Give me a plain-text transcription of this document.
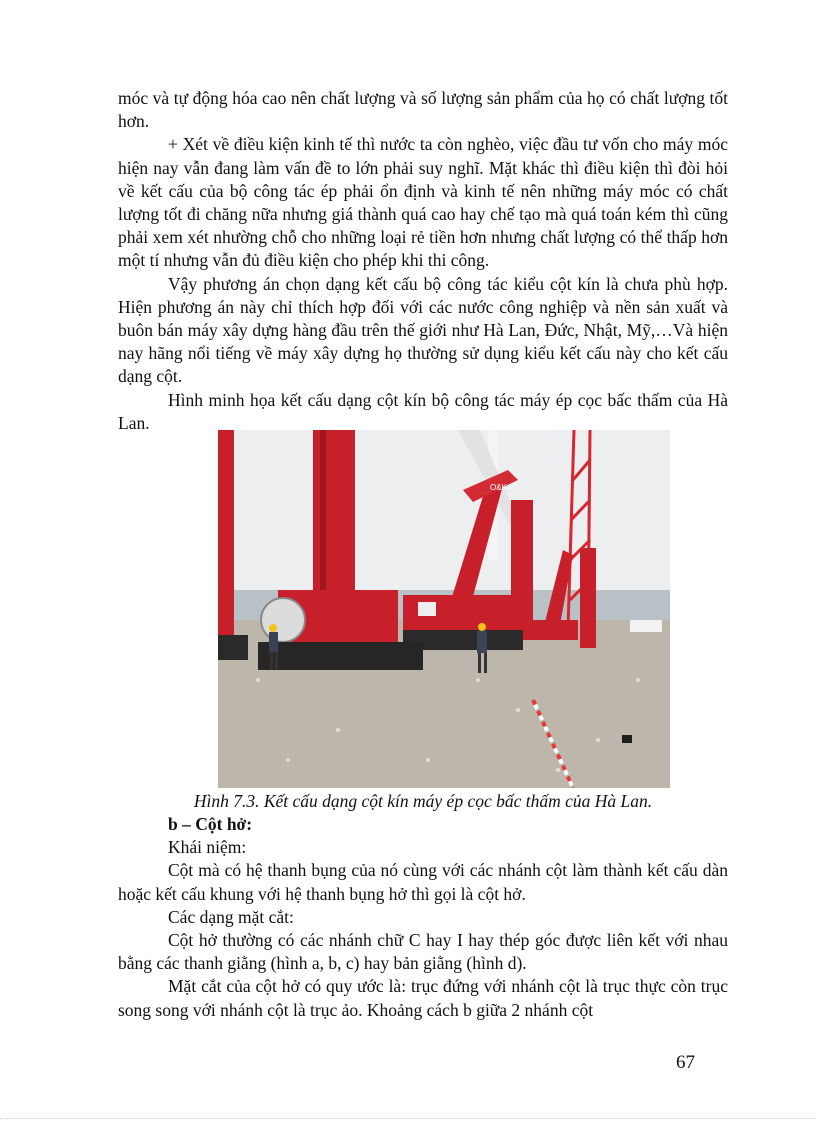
móc và tự động hóa cao nên chất lượng và số lượng sản phẩm của họ có chất lượng tốt hơn.

+ Xét về điều kiện kinh tế thì nước ta còn nghèo, việc đầu tư vốn cho máy móc hiện nay vẫn đang làm vấn đề to lớn phải suy nghĩ. Mặt khác thì điều kiện thì đòi hỏi về kết cấu của bộ công tác ép phải ổn định và kinh tế nên những máy móc có chất lượng tốt đi chăng nữa nhưng giá thành quá cao hay chế tạo mà quá toán kém thì cũng phải xem xét nhường chỗ cho những loại rẻ tiền hơn nhưng chất lượng có thể thấp hơn một tí nhưng vẫn đủ điều kiện cho phép khi thi công.

Vậy phương án chọn dạng kết cấu bộ công tác kiểu cột kín là chưa phù hợp. Hiện phương án này chỉ thích hợp đối với các nước công nghiệp và nền sản xuất và buôn bán máy xây dựng hàng đầu trên thế giới như Hà Lan, Đức, Nhật, Mỹ,…Và hiện nay hãng nổi tiếng về máy xây dựng họ thường sử dụng kiểu kết cấu này cho kết cấu dạng cột.

Hình minh họa kết cấu dạng cột kín bộ công tác máy ép cọc bấc thấm của Hà Lan.

O&K
Hình 7.3. Kết cấu dạng cột kín máy ép cọc bấc thấm của Hà Lan.

b – Cột hở:

Khái niệm:

Cột mà có hệ thanh bụng của nó cùng với các nhánh cột làm thành kết cấu dàn hoặc kết cấu khung với hệ thanh bụng hở thì gọi là cột hở.

Các dạng mặt cắt:

Cột hở thường có các nhánh chữ C hay I hay thép góc được liên kết với nhau bằng các thanh giằng (hình a, b, c) hay bản giằng (hình d).

Mặt cắt của cột hở có quy ước là: trục đứng với nhánh cột là trục thực còn trục song song với nhánh cột là trục ảo. Khoảng cách b giữa 2 nhánh cột

67
